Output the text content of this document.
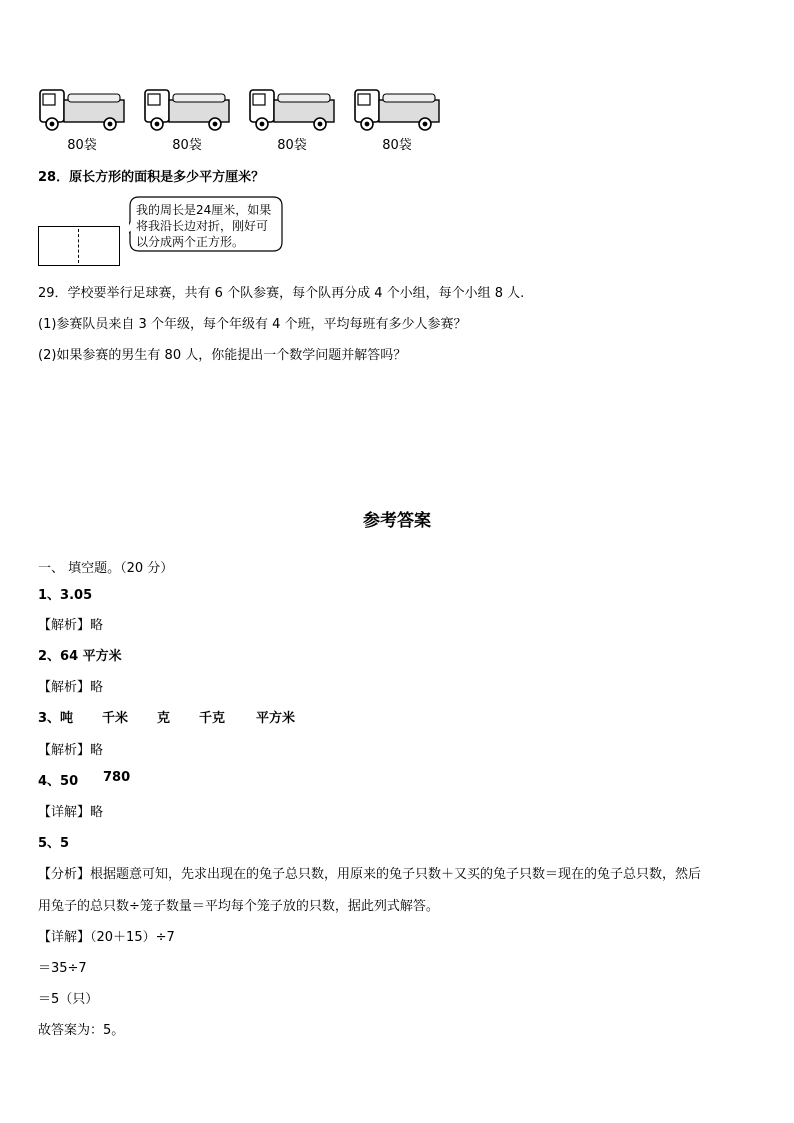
80袋	80袋	80袋	80袋
28．原长方形的面积是多少平方厘米？
我的周长是24厘米，如果将我沿长边对折，刚好可以分成两个正方形。
29．学校要举行足球赛，共有 6 个队参赛，每个队再分成 4 个小组，每个小组 8 人.
(1)参赛队员来自 3 个年级，每个年级有 4 个班，平均每班有多少人参赛？
(2)如果参赛的男生有 80 人，你能提出一个数学问题并解答吗？
参考答案
一、 填空题。（20 分）
1、3.05
【解析】略
2、64 平方米
【解析】略
3、吨 千米 克 千克 平方米
【解析】略
4、50 780
【详解】略
5、5
【分析】根据题意可知，先求出现在的兔子总只数，用原来的兔子只数＋又买的兔子只数＝现在的兔子总只数，然后
用兔子的总只数÷笼子数量＝平均每个笼子放的只数，据此列式解答。
【详解】（20＋15）÷7
＝35÷7
＝5（只）
故答案为：5。
